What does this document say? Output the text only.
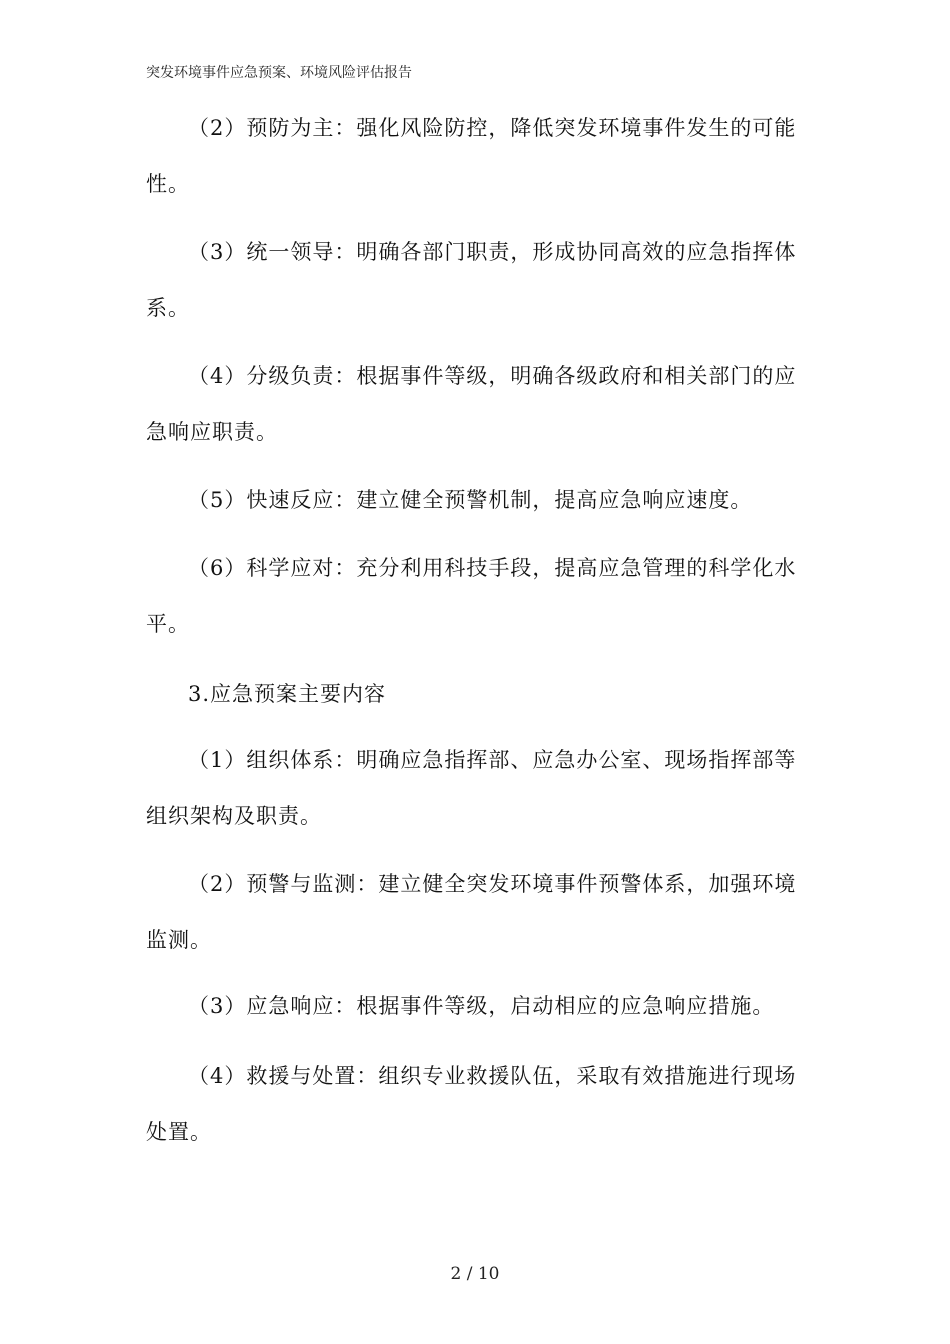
突发环境事件应急预案、环境风险评估报告

（2）预防为主：强化风险防控，降低突发环境事件发生的可能性。

（3）统一领导：明确各部门职责，形成协同高效的应急指挥体系。

（4）分级负责：根据事件等级，明确各级政府和相关部门的应急响应职责。

（5）快速反应：建立健全预警机制，提高应急响应速度。

（6）科学应对：充分利用科技手段，提高应急管理的科学化水平。

3.应急预案主要内容

（1）组织体系：明确应急指挥部、应急办公室、现场指挥部等组织架构及职责。

（2）预警与监测：建立健全突发环境事件预警体系，加强环境监测。

（3）应急响应：根据事件等级，启动相应的应急响应措施。

（4）救援与处置：组织专业救援队伍，采取有效措施进行现场处置。

2 / 10
